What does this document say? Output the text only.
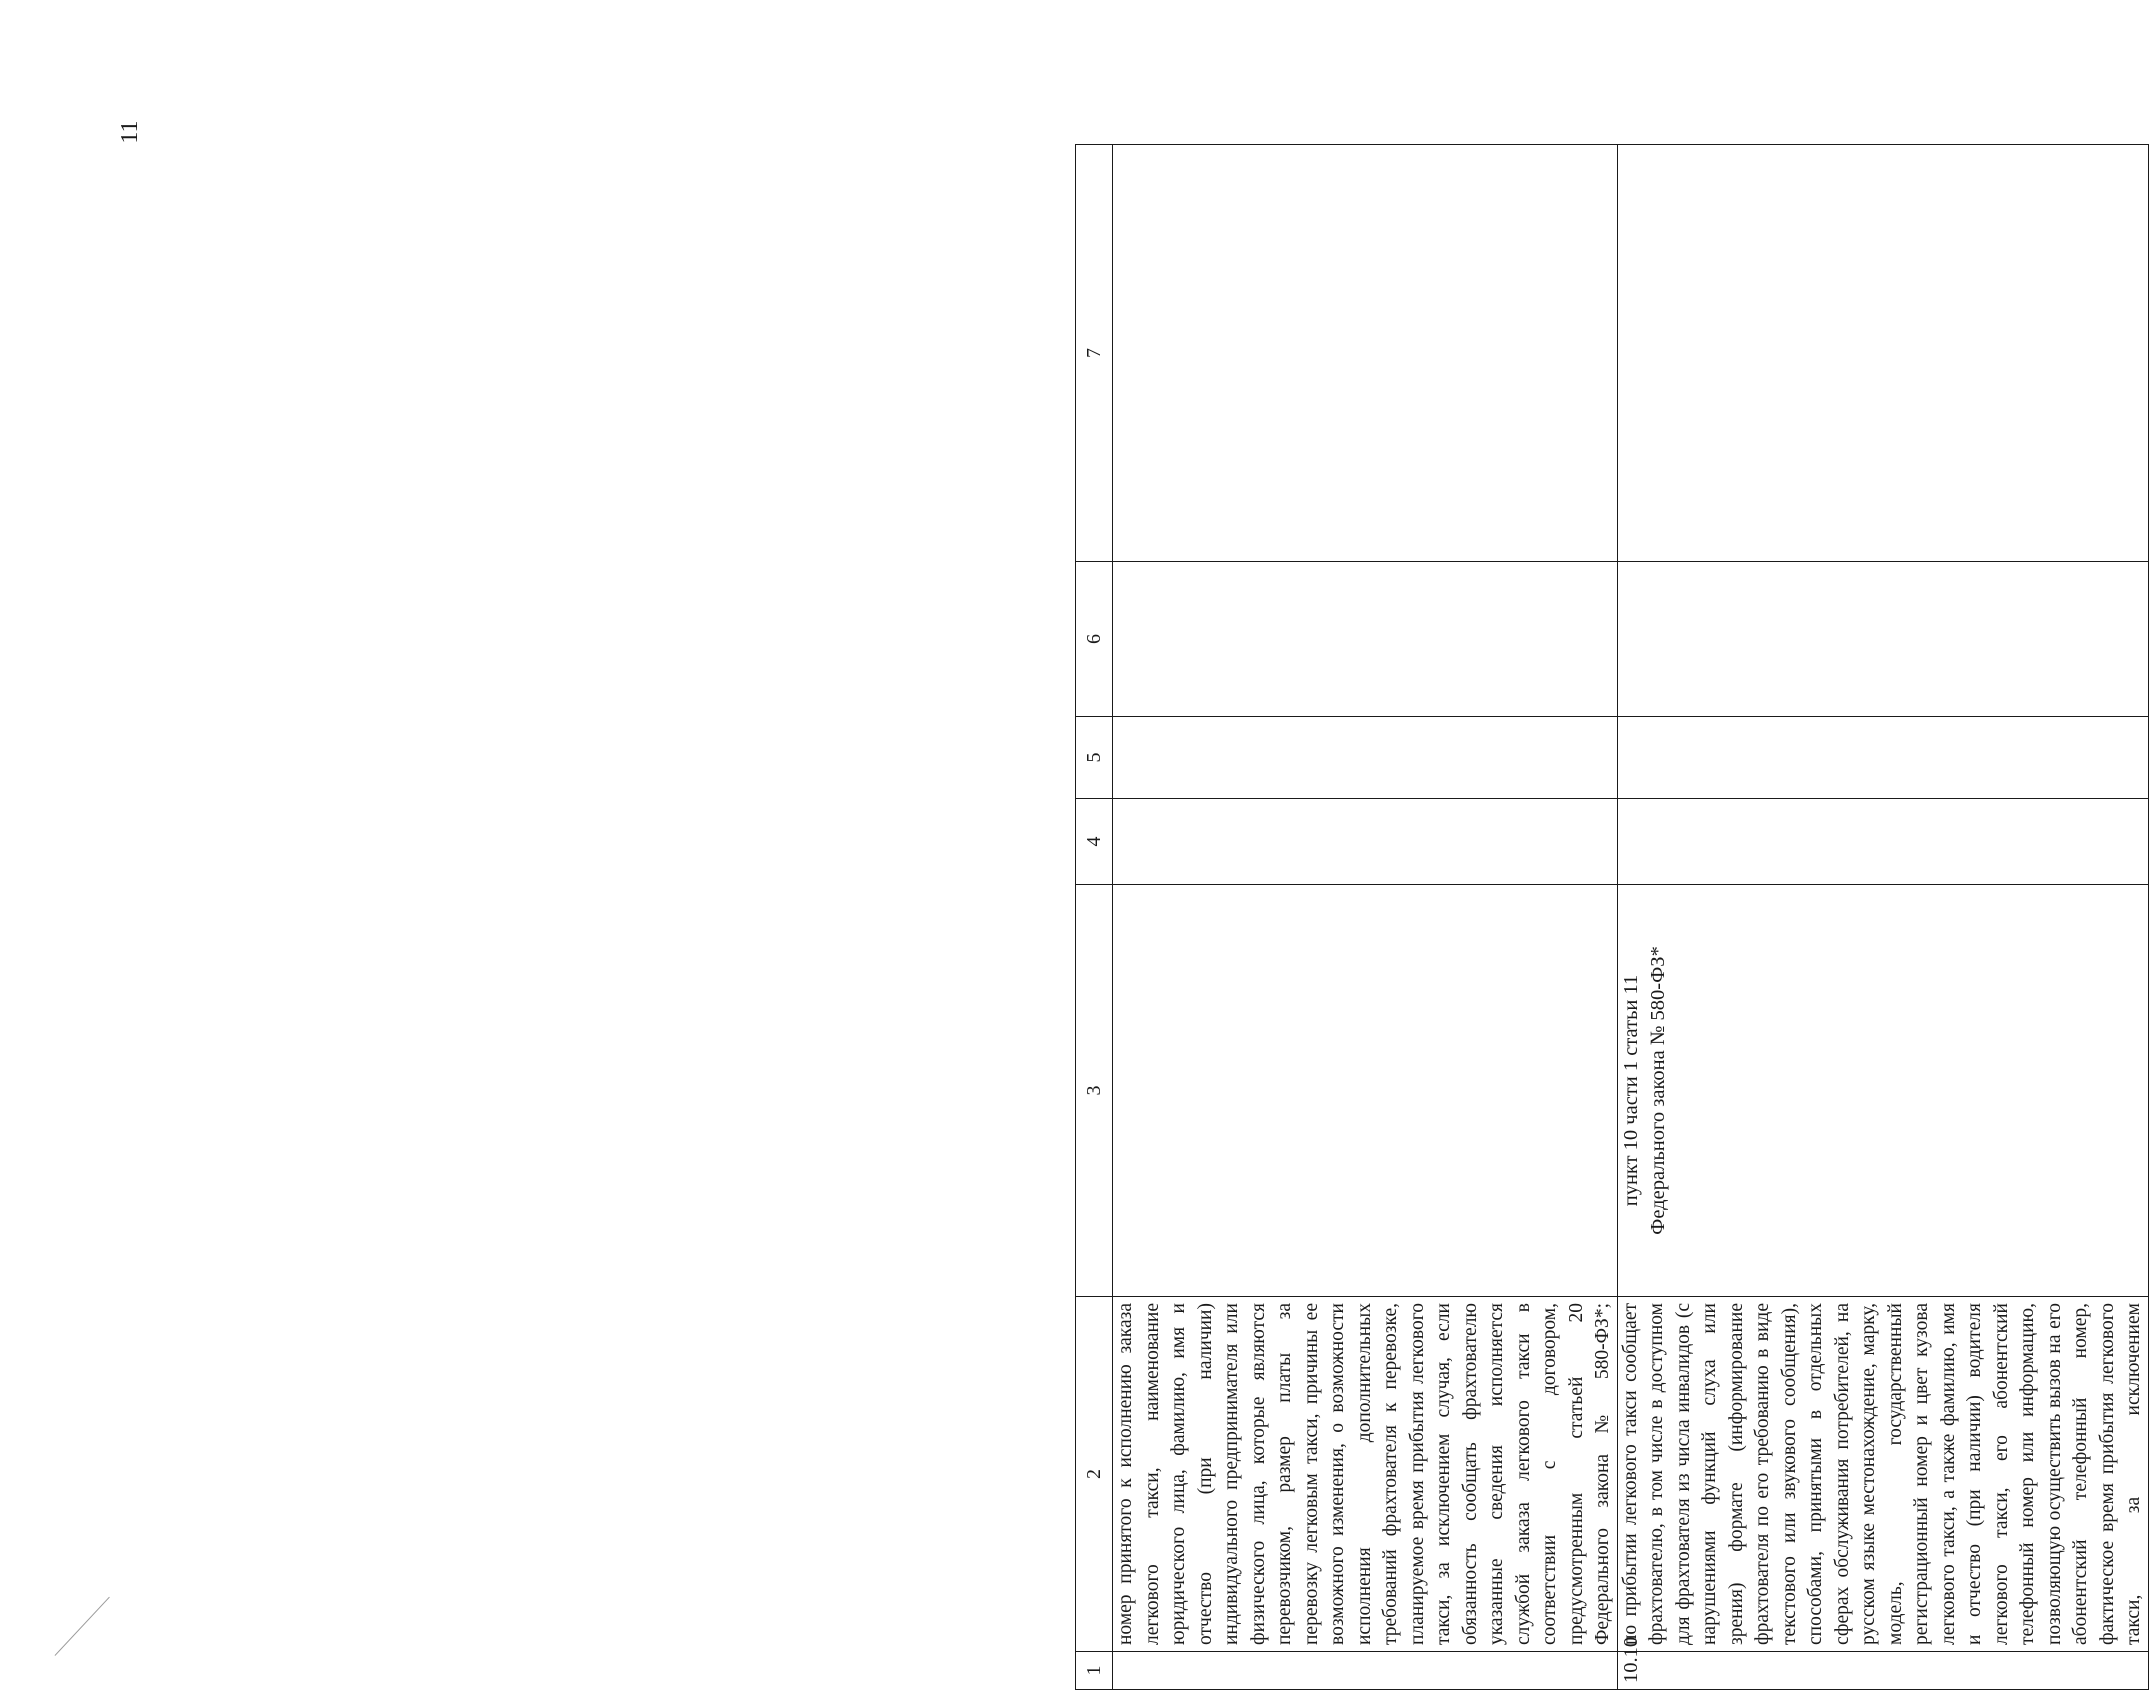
11
1	2	3	4	5	6	7
	номер принятого к исполнению заказа легкового такси, наименование юридического лица, фамилию, имя и отчество (при наличии) индивидуального предпринимателя или физического лица, которые являются перевозчиком, размер платы за перевозку легковым такси, причины ее возможного изменения, о возможности исполнения дополнительных требований фрахтователя к перевозке, планируемое время прибытия легкового такси, за исключением случая, если обязанность сообщать фрахтователю указанные сведения исполняется службой заказа легкового такси в соответствии с договором, предусмотренным статьей 20 Федерального закона № 580-ФЗ*;					
10.10	по прибытии легкового такси сообщает фрахтователю, в том числе в доступном для фрахтователя из числа инвалидов (с нарушениями функций слуха или зрения) формате (информирование фрахтователя по его требованию в виде текстового или звукового сообщения), способами, принятыми в отдельных сферах обслуживания потребителей, на русском языке местонахождение, марку, модель, государственный регистрационный номер и цвет кузова легкового такси, а также фамилию, имя и отчество (при наличии) водителя легкового такси, его абонентский телефонный номер или информацию, позволяющую осуществить вызов на его абонентский телефонный номер, фактическое время прибытия легкового такси, за исключением	пункт 10 части 1 статьи 11 Федерального закона № 580-ФЗ*				
